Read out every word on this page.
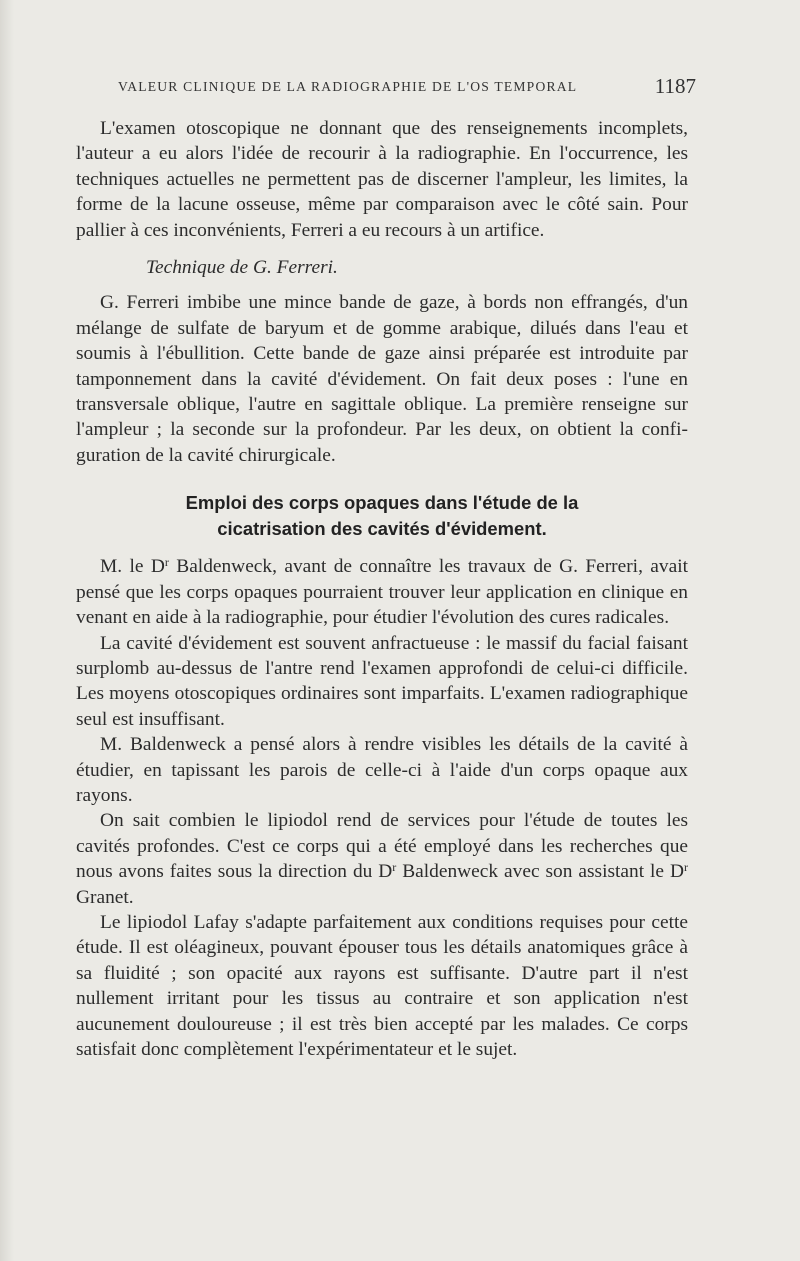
VALEUR CLINIQUE DE LA RADIOGRAPHIE DE L'OS TEMPORAL	1187

L'examen otoscopique ne donnant que des renseignements incomplets, l'auteur a eu alors l'idée de recourir à la radiographie. En l'occurrence, les techniques actuelles ne permettent pas de discerner l'ampleur, les limites, la forme de la lacune osseuse, même par comparaison avec le côté sain. Pour pallier à ces inconvénients, Ferreri a eu recours à un artifice.

Technique de G. Ferreri.

G. Ferreri imbibe une mince bande de gaze, à bords non effrangés, d'un mélange de sulfate de baryum et de gomme arabique, dilués dans l'eau et soumis à l'ébullition. Cette bande de gaze ainsi préparée est introduite par tamponnement dans la cavité d'évidement. On fait deux poses : l'une en transversale oblique, l'autre en sagittale oblique. La première renseigne sur l'ampleur ; la seconde sur la profondeur. Par les deux, on obtient la configuration de la cavité chirurgicale.

Emploi des corps opaques dans l'étude de la
cicatrisation des cavités d'évidement.

M. le $D^r$ Baldenweck, avant de connaître les travaux de G. Ferreri, avait pensé que les corps opaques pourraient trouver leur application en clinique en venant en aide à la radiographie, pour étudier l'évolution des cures radicales.

La cavité d'évidement est souvent anfractueuse : le massif du facial faisant surplomb au-dessus de l'antre rend l'examen approfondi de celui-ci difficile. Les moyens otoscopiques ordinaires sont imparfaits. L'examen radiographique seul est insuffisant.

M. Baldenweck a pensé alors à rendre visibles les détails de la cavité à étudier, en tapissant les parois de celle-ci à l'aide d'un corps opaque aux rayons.

On sait combien le lipiodol rend de services pour l'étude de toutes les cavités profondes. C'est ce corps qui a été employé dans les recherches que nous avons faites sous la direction du $D^r$ Baldenweck avec son assistant le $D^r$ Granet.

Le lipiodol Lafay s'adapte parfaitement aux conditions requises pour cette étude. Il est oléagineux, pouvant épouser tous les détails anatomiques grâce à sa fluidité ; son opacité aux rayons est suffisante. D'autre part il n'est nullement irritant pour les tissus au contraire et son application n'est aucunement douloureuse ; il est très bien accepté par les malades. Ce corps satisfait donc complètement l'expérimentateur et le sujet.
